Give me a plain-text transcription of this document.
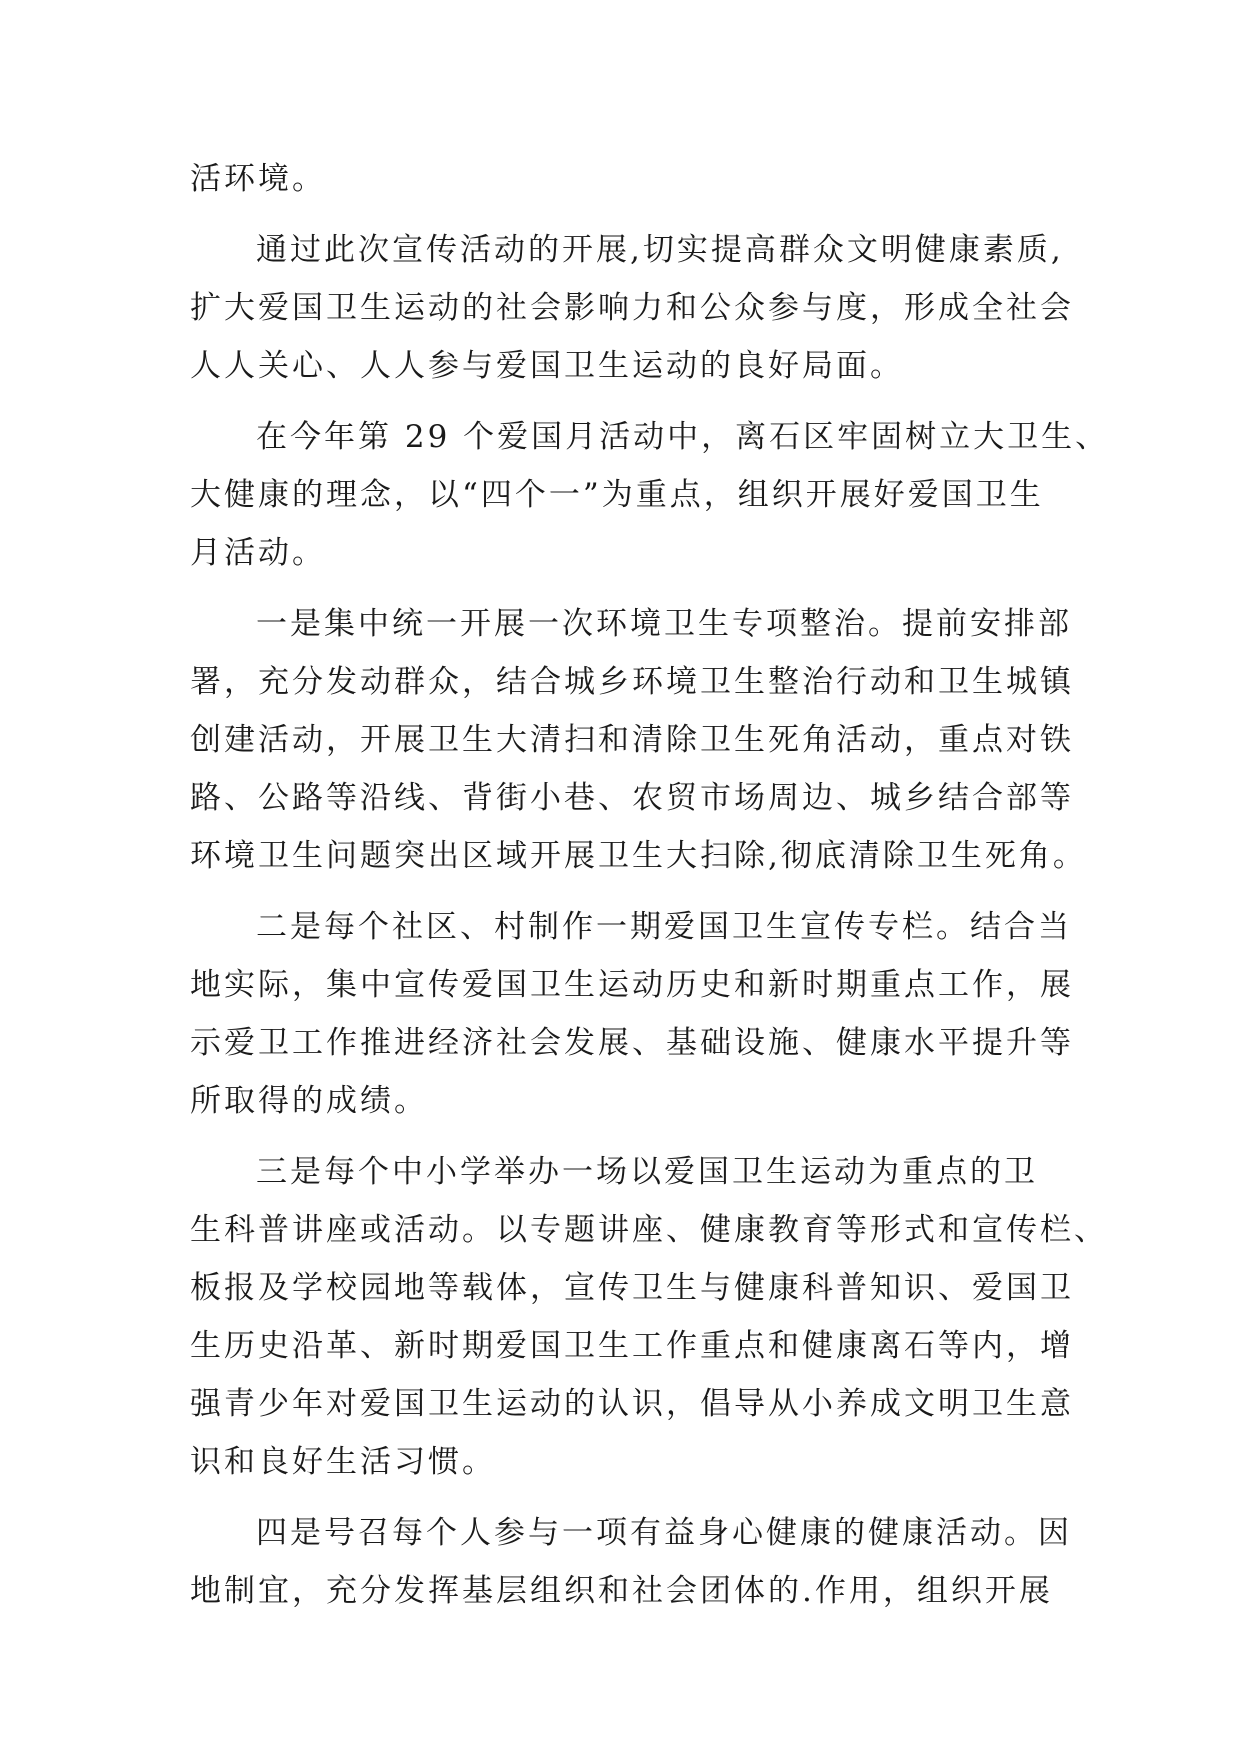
活环境。
通过此次宣传活动的开展,切实提高群众文明健康素质,
扩大爱国卫生运动的社会影响力和公众参与度，形成全社会
人人关心、人人参与爱国卫生运动的良好局面。
在今年第 29 个爱国月活动中，离石区牢固树立大卫生、
大健康的理念，以“四个一”为重点，组织开展好爱国卫生
月活动。
一是集中统一开展一次环境卫生专项整治。提前安排部
署，充分发动群众，结合城乡环境卫生整治行动和卫生城镇
创建活动，开展卫生大清扫和清除卫生死角活动，重点对铁
路、公路等沿线、背街小巷、农贸市场周边、城乡结合部等
环境卫生问题突出区域开展卫生大扫除,彻底清除卫生死角。
二是每个社区、村制作一期爱国卫生宣传专栏。结合当
地实际，集中宣传爱国卫生运动历史和新时期重点工作，展
示爱卫工作推进经济社会发展、基础设施、健康水平提升等
所取得的成绩。
三是每个中小学举办一场以爱国卫生运动为重点的卫
生科普讲座或活动。以专题讲座、健康教育等形式和宣传栏、
板报及学校园地等载体，宣传卫生与健康科普知识、爱国卫
生历史沿革、新时期爱国卫生工作重点和健康离石等内，增
强青少年对爱国卫生运动的认识，倡导从小养成文明卫生意
识和良好生活习惯。
四是号召每个人参与一项有益身心健康的健康活动。因
地制宜，充分发挥基层组织和社会团体的.作用，组织开展
